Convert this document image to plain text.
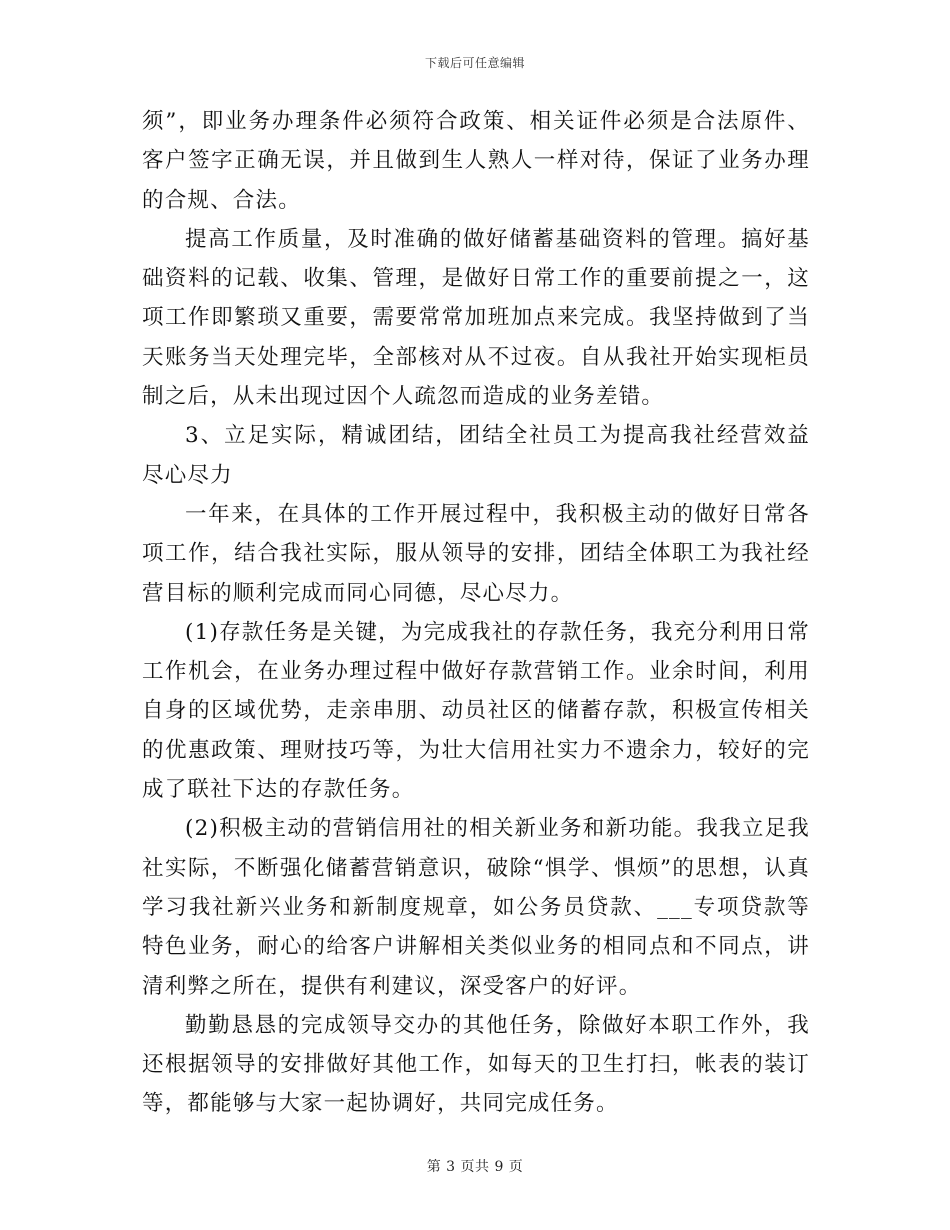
下载后可任意编辑

须”，即业务办理条件必须符合政策、相关证件必须是合法原件、客户签字正确无误，并且做到生人熟人一样对待，保证了业务办理的合规、合法。

提高工作质量，及时准确的做好储蓄基础资料的管理。搞好基础资料的记载、收集、管理，是做好日常工作的重要前提之一，这项工作即繁琐又重要，需要常常加班加点来完成。我坚持做到了当天账务当天处理完毕，全部核对从不过夜。自从我社开始实现柜员制之后，从未出现过因个人疏忽而造成的业务差错。

3、立足实际，精诚团结，团结全社员工为提高我社经营效益尽心尽力

一年来，在具体的工作开展过程中，我积极主动的做好日常各项工作，结合我社实际，服从领导的安排，团结全体职工为我社经营目标的顺利完成而同心同德，尽心尽力。

(1)存款任务是关键，为完成我社的存款任务，我充分利用日常工作机会，在业务办理过程中做好存款营销工作。业余时间，利用自身的区域优势，走亲串朋、动员社区的储蓄存款，积极宣传相关的优惠政策、理财技巧等，为壮大信用社实力不遗余力，较好的完成了联社下达的存款任务。

(2)积极主动的营销信用社的相关新业务和新功能。我我立足我社实际，不断强化储蓄营销意识，破除“惧学、惧烦”的思想，认真学习我社新兴业务和新制度规章，如公务员贷款、___专项贷款等特色业务，耐心的给客户讲解相关类似业务的相同点和不同点，讲清利弊之所在，提供有利建议，深受客户的好评。

勤勤恳恳的完成领导交办的其他任务，除做好本职工作外，我还根据领导的安排做好其他工作，如每天的卫生打扫，帐表的装订等，都能够与大家一起协调好，共同完成任务。

第 3 页共 9 页
